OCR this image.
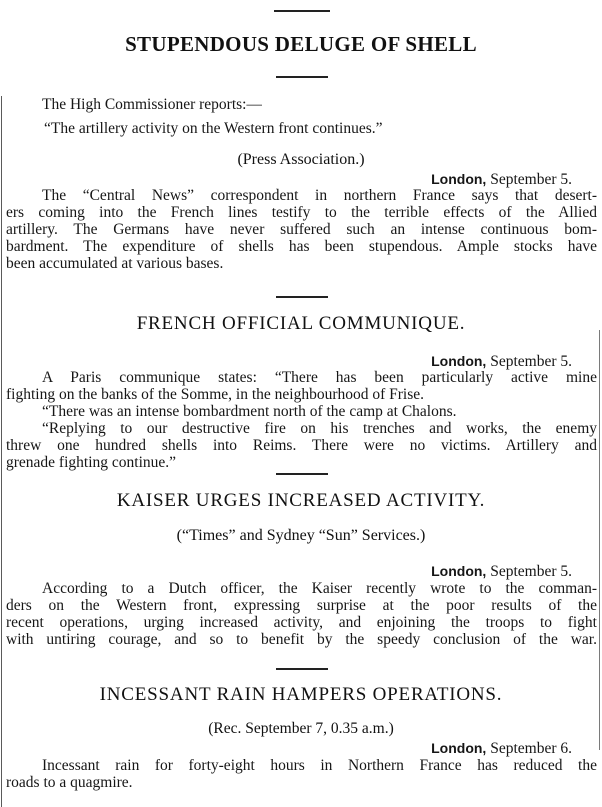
STUPENDOUS DELUGE OF SHELL
The High Commissioner reports:—
“The artillery activity on the Western front continues.”
(Press Association.)
London, September 5.
The “Central News” correspondent in northern France says that desert-
ers coming into the French lines testify to the terrible effects of the Allied
artillery. The Germans have never suffered such an intense continuous bom-
bardment. The expenditure of shells has been stupendous. Ample stocks have
been accumulated at various bases.
FRENCH OFFICIAL COMMUNIQUE.
London, September 5.
A Paris communique states: “There has been particularly active mine
fighting on the banks of the Somme, in the neighbourhood of Frise.
“There was an intense bombardment north of the camp at Chalons.
“Replying to our destructive fire on his trenches and works, the enemy
threw one hundred shells into Reims. There were no victims. Artillery and
grenade fighting continue.”
KAISER URGES INCREASED ACTIVITY.
(“Times” and Sydney “Sun” Services.)
London, September 5.
According to a Dutch officer, the Kaiser recently wrote to the comman-
ders on the Western front, expressing surprise at the poor results of the
recent operations, urging increased activity, and enjoining the troops to fight
with untiring courage, and so to benefit by the speedy conclusion of the war.
INCESSANT RAIN HAMPERS OPERATIONS.
(Rec. September 7, 0.35 a.m.)
London, September 6.
Incessant rain for forty-eight hours in Northern France has reduced the
roads to a quagmire.
